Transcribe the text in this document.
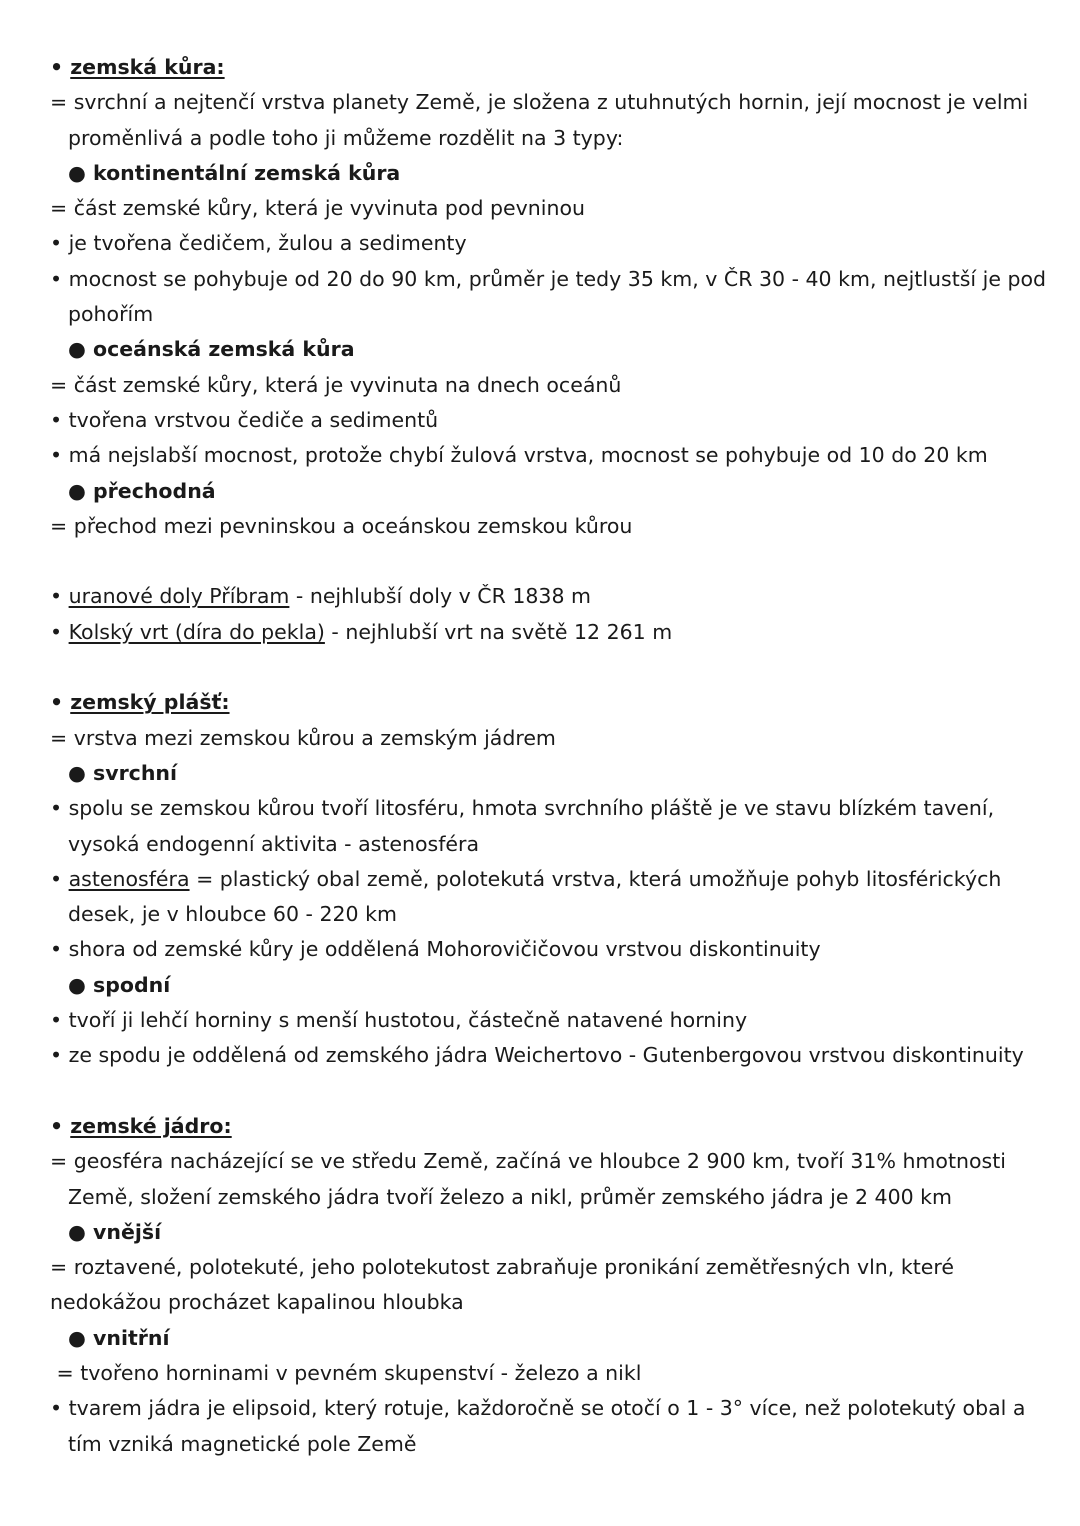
• zemská kůra:
= svrchní a nejtenčí vrstva planety Země, je složena z utuhnutých hornin, její mocnost je velmi
proměnlivá a podle toho ji můžeme rozdělit na 3 typy:
● kontinentální zemská kůra
= část zemské kůry, která je vyvinuta pod pevninou
• je tvořena čedičem, žulou a sedimenty
• mocnost se pohybuje od 20 do 90 km, průměr je tedy 35 km, v ČR 30 - 40 km, nejtlustší je pod
pohořím
● oceánská zemská kůra
= část zemské kůry, která je vyvinuta na dnech oceánů
• tvořena vrstvou čediče a sedimentů
• má nejslabší mocnost, protože chybí žulová vrstva, mocnost se pohybuje od 10 do 20 km
● přechodná
= přechod mezi pevninskou a oceánskou zemskou kůrou
• uranové doly Příbram - nejhlubší doly v ČR 1838 m
• Kolský vrt (díra do pekla) - nejhlubší vrt na světě 12 261 m
• zemský plášť:
= vrstva mezi zemskou kůrou a zemským jádrem
● svrchní
• spolu se zemskou kůrou tvoří litosféru, hmota svrchního pláště je ve stavu blízkém tavení,
vysoká endogenní aktivita - astenosféra
• astenosféra = plastický obal země, polotekutá vrstva, která umožňuje pohyb litosférických
desek, je v hloubce 60 - 220 km
• shora od zemské kůry je oddělená Mohorovičičovou vrstvou diskontinuity
● spodní
• tvoří ji lehčí horniny s menší hustotou, částečně natavené horniny
• ze spodu je oddělená od zemského jádra Weichertovo - Gutenbergovou vrstvou diskontinuity
• zemské jádro:
= geosféra nacházející se ve středu Země, začíná ve hloubce 2 900 km, tvoří 31% hmotnosti
Země, složení zemského jádra tvoří železo a nikl, průměr zemského jádra je 2 400 km
● vnější
= roztavené, polotekuté, jeho polotekutost zabraňuje pronikání zemětřesných vln, které
nedokážou procházet kapalinou hloubka
● vnitřní
= tvořeno horninami v pevném skupenství - železo a nikl
• tvarem jádra je elipsoid, který rotuje, každoročně se otočí o 1 - 3° více, než polotekutý obal a
tím vzniká magnetické pole Země
